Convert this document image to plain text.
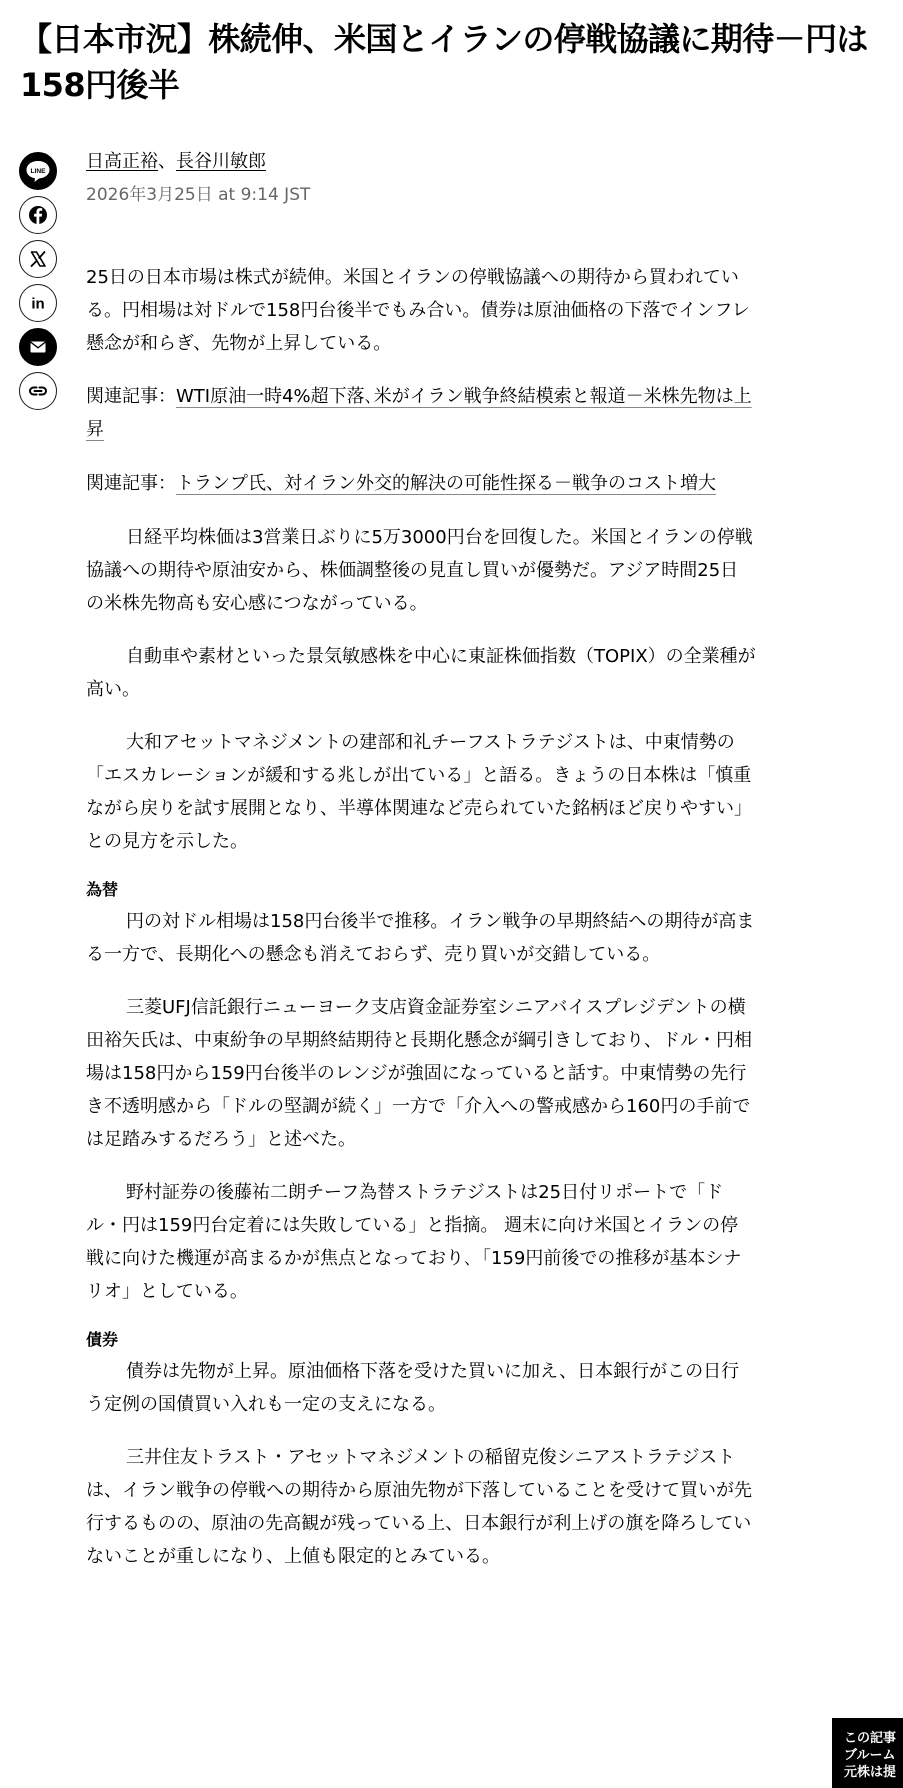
【日本市況】株続伸、米国とイランの停戦協議に期待－円は158円後半
LINE
in
日高正裕、長谷川敏郎
2026年3月25日 at 9:14 JST

25日の日本市場は株式が続伸。米国とイランの停戦協議への期待から買われている。円相場は対ドルで158円台後半でもみ合い。債券は原油価格の下落でインフレ懸念が和らぎ、先物が上昇している。

関連記事：WTI原油一時4%超下落､米がイラン戦争終結模索と報道－米株先物は上昇

関連記事：トランプ氏、対イラン外交的解決の可能性探る－戦争のコスト増大

日経平均株価は3営業日ぶりに5万3000円台を回復した。米国とイランの停戦協議への期待や原油安から、株価調整後の見直し買いが優勢だ。アジア時間25日の米株先物高も安心感につながっている。

自動車や素材といった景気敏感株を中心に東証株価指数（TOPIX）の全業種が高い。

大和アセットマネジメントの建部和礼チーフストラテジストは、中東情勢の「エスカレーションが緩和する兆しが出ている」と語る。きょうの日本株は「慎重ながら戻りを試す展開となり、半導体関連など売られていた銘柄ほど戻りやすい」との見方を示した。

為替

円の対ドル相場は158円台後半で推移。イラン戦争の早期終結への期待が高まる一方で、長期化への懸念も消えておらず、売り買いが交錯している。

三菱UFJ信託銀行ニューヨーク支店資金証券室シニアバイスプレジデントの横田裕矢氏は、中東紛争の早期終結期待と長期化懸念が綱引きしており、ドル・円相場は158円から159円台後半のレンジが強固になっていると話す。中東情勢の先行き不透明感から「ドルの堅調が続く」一方で「介入への警戒感から160円の手前では足踏みするだろう」と述べた。

野村証券の後藤祐二朗チーフ為替ストラテジストは25日付リポートで「ドル・円は159円台定着には失敗している」と指摘。 週末に向け米国とイランの停戦に向けた機運が高まるかが焦点となっており､「159円前後での推移が基本シナリオ」としている。

債券

債券は先物が上昇。原油価格下落を受けた買いに加え、日本銀行がこの日行う定例の国債買い入れも一定の支えになる。

三井住友トラスト・アセットマネジメントの稲留克俊シニアストラテジストは、イラン戦争の停戦への期待から原油先物が下落していることを受けて買いが先行するものの、原油の先高観が残っている上、日本銀行が利上げの旗を降ろしていないことが重しになり、上値も限定的とみている。

この記事
ブルーム
元株は提
